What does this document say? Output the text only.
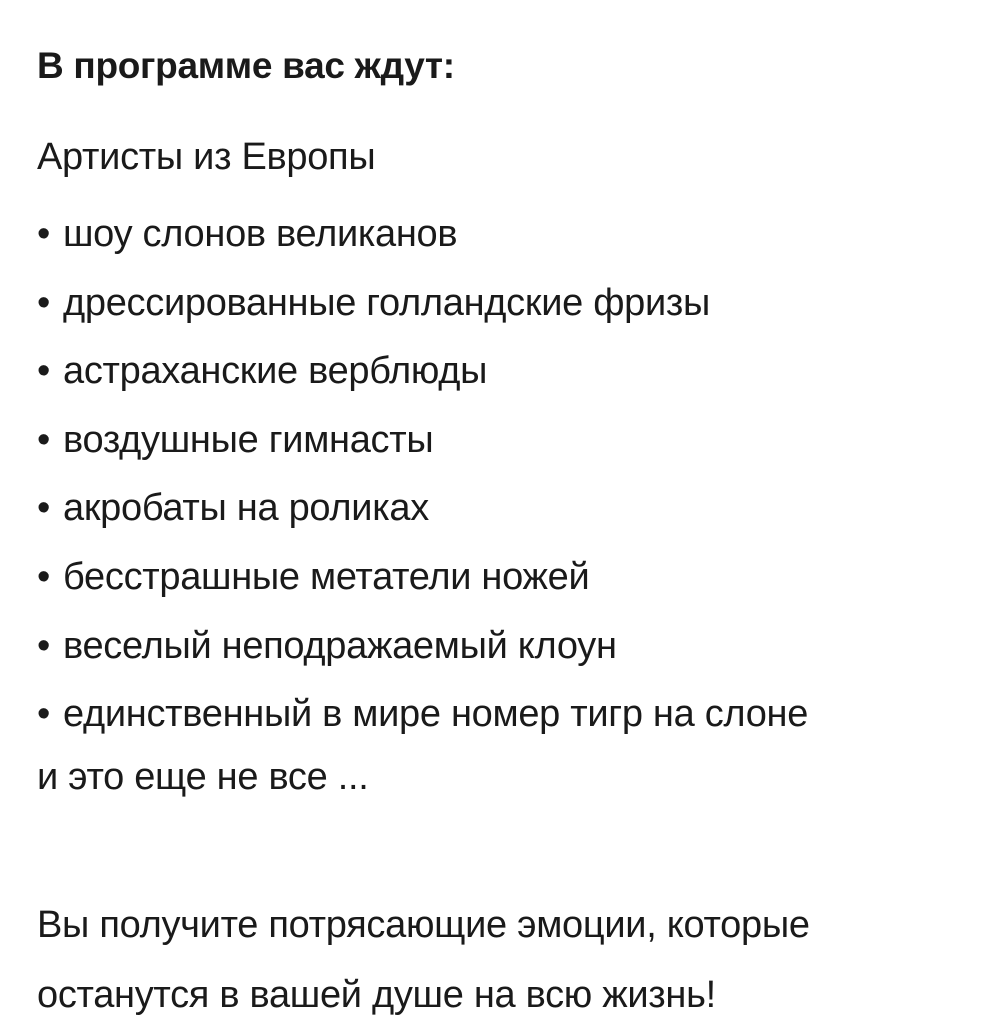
В программе вас ждут:
Артисты из Европы
• шоу слонов великанов
• дрессированные голландские фризы
• астраханские верблюды
• воздушные гимнасты
• акробаты на роликах
• бесстрашные метатели ножей
• веселый неподражаемый клоун
• единственный в мире номер тигр на слоне
и это еще не все ...
Вы получите потрясающие эмоции, которые
останутся в вашей душе на всю жизнь!
